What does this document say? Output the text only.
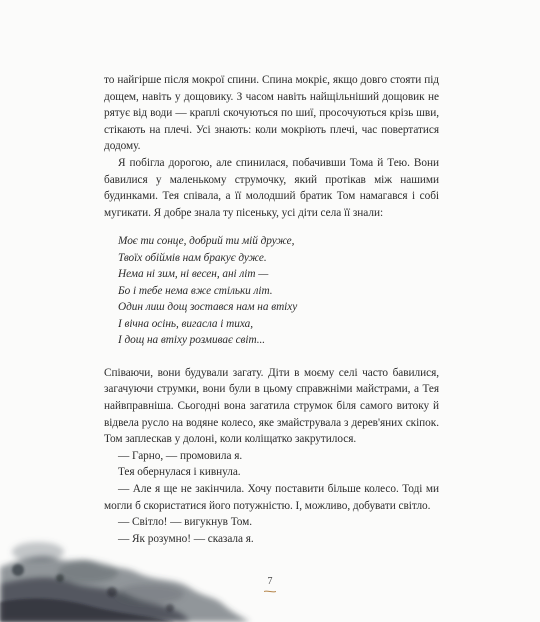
то найгірше після мокрої спини. Спина мокріє, якщо довго стояти під дощем, навіть у дощовику. З часом навіть найщільніший дощовик не рятує від води — краплі скочуються по шиї, просочуються крізь шви, стікають на плечі. Усі знають: коли мокріють плечі, час повертатися додому.

Я побігла дорогою, але спинилася, побачивши Тома й Тею. Вони бавилися у маленькому струмочку, який протікав між нашими будинками. Тея співала, а її молодший братик Том намагався і собі мугикати. Я добре знала ту пісеньку, усі діти села її знали:

Моє ти сонце, добрий ти мій друже,
Твоїх обіймів нам бракує дуже.
Нема ні зим, ні весен, ані літ —
Бо і тебе нема вже стільки літ.
Один лиш дощ зостався нам на втіху
І вічна осінь, вигасла і тиха,
І дощ на втіху розмиває світ...

Співаючи, вони будували загату. Діти в моєму селі часто бавилися, загачуючи струмки, вони були в цьому справжніми майстрами, а Тея найвправніша. Сьогодні вона загатила струмок біля самого витоку й відвела русло на водяне колесо, яке змайструвала з дерев'яних скіпок. Том заплескав у долоні, коли коліщатко закрутилося.

— Гарно, — промовила я.

Тея обернулася і кивнула.

— Але я ще не закінчила. Хочу поставити більше колесо. Тоді ми могли б скористатися його потужністю. І, можливо, добувати світло.

— Світло! — вигукнув Том.

— Як розумно! — сказала я.

7
